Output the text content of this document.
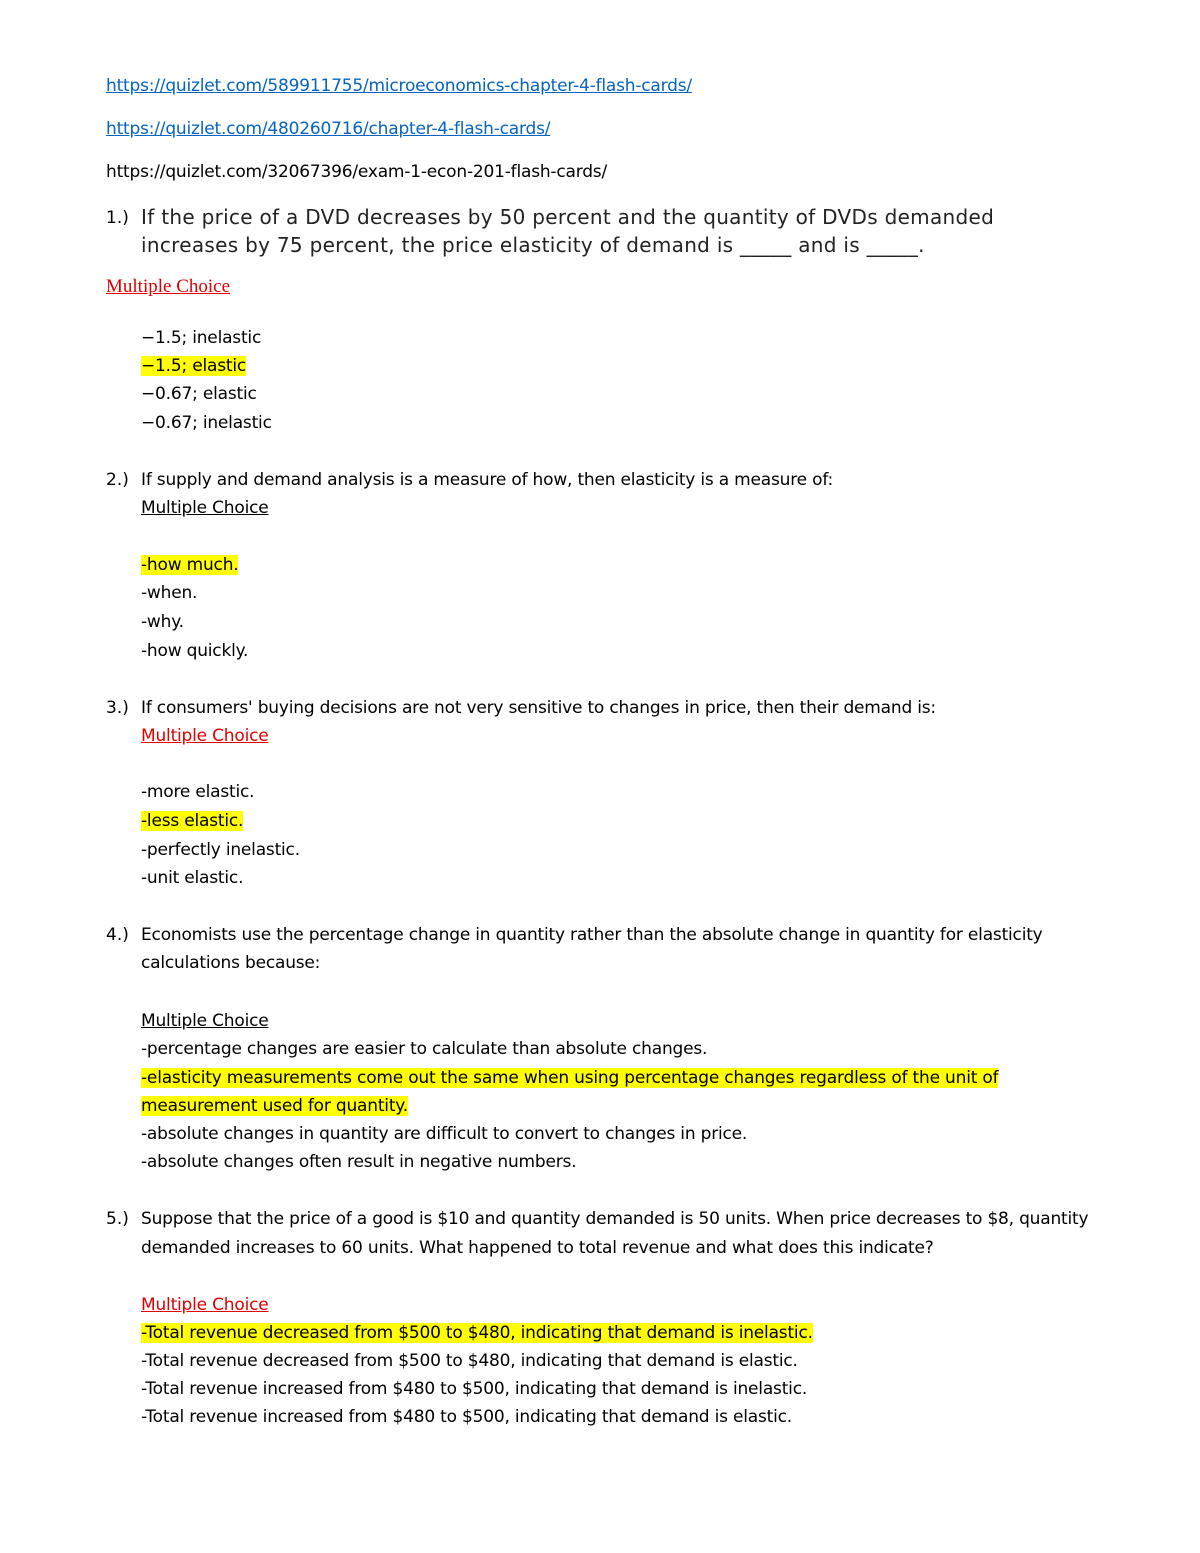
https://quizlet.com/589911755/microeconomics-chapter-4-flash-cards/
https://quizlet.com/480260716/chapter-4-flash-cards/
https://quizlet.com/32067396/exam-1-econ-201-flash-cards/
1.) If the price of a DVD decreases by 50 percent and the quantity of DVDs demanded
increases by 75 percent, the price elasticity of demand is _____ and is _____.
Multiple Choice
−1.5; inelastic
−1.5; elastic
−0.67; elastic
−0.67; inelastic
2.) If supply and demand analysis is a measure of how, then elasticity is a measure of:
Multiple Choice
-how much.
-when.
-why.
-how quickly.
3.) If consumers' buying decisions are not very sensitive to changes in price, then their demand is:
Multiple Choice
-more elastic.
-less elastic.
-perfectly inelastic.
-unit elastic.
4.) Economists use the percentage change in quantity rather than the absolute change in quantity for elasticity
calculations because:
Multiple Choice
-percentage changes are easier to calculate than absolute changes.
-elasticity measurements come out the same when using percentage changes regardless of the unit of
measurement used for quantity.
-absolute changes in quantity are difficult to convert to changes in price.
-absolute changes often result in negative numbers.
5.) Suppose that the price of a good is $10 and quantity demanded is 50 units. When price decreases to $8, quantity
demanded increases to 60 units. What happened to total revenue and what does this indicate?
Multiple Choice
-Total revenue decreased from $500 to $480, indicating that demand is inelastic.
-Total revenue decreased from $500 to $480, indicating that demand is elastic.
-Total revenue increased from $480 to $500, indicating that demand is inelastic.
-Total revenue increased from $480 to $500, indicating that demand is elastic.
